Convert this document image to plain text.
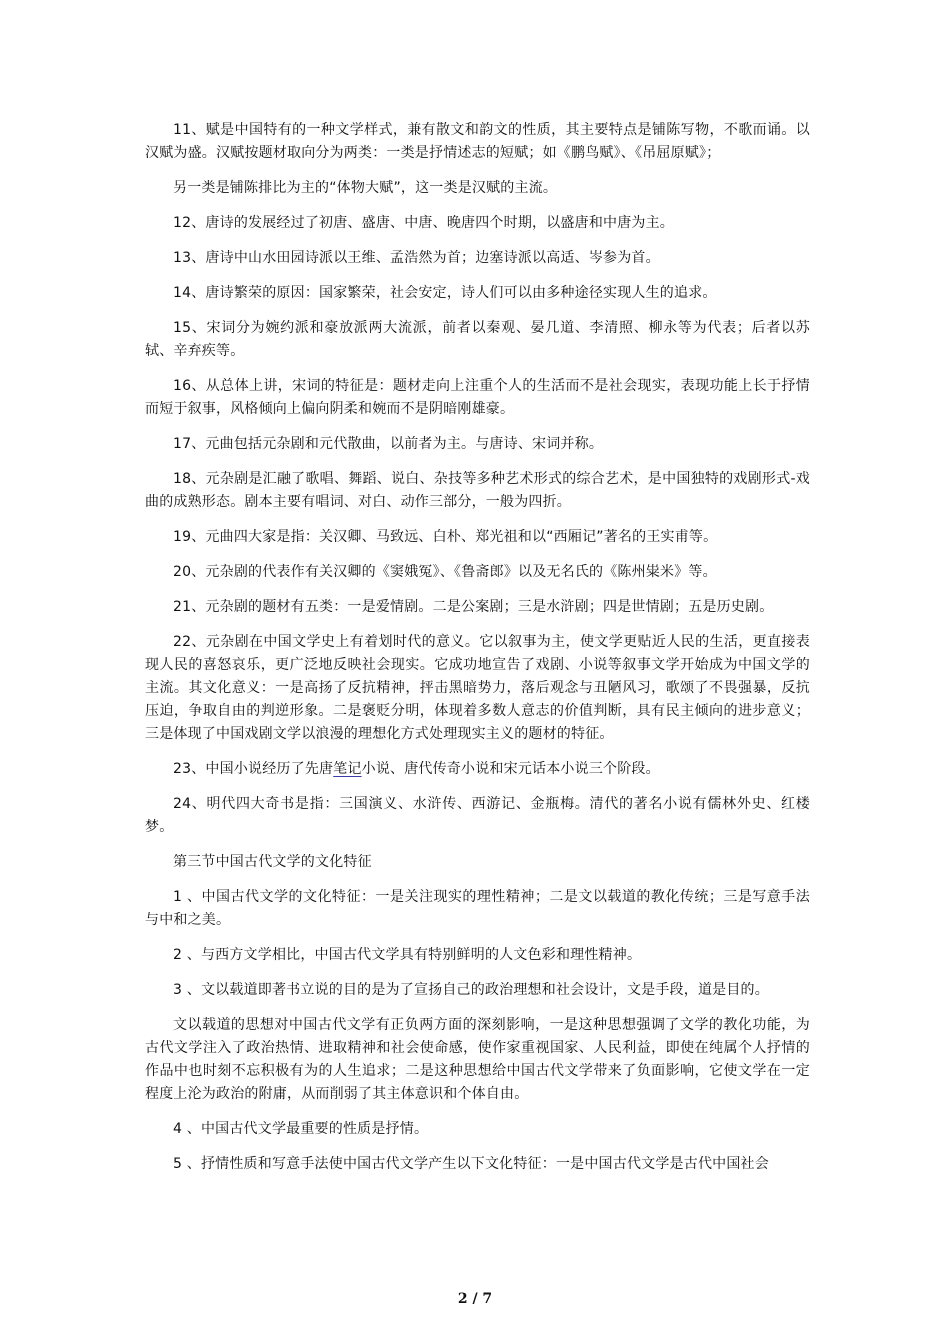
11、赋是中国特有的一种文学样式，兼有散文和韵文的性质，其主要特点是铺陈写物，不歌而诵。以汉赋为盛。汉赋按题材取向分为两类：一类是抒情述志的短赋；如《鹏鸟赋》、《吊屈原赋》；

另一类是铺陈排比为主的“体物大赋”，这一类是汉赋的主流。

12、唐诗的发展经过了初唐、盛唐、中唐、晚唐四个时期，以盛唐和中唐为主。

13、唐诗中山水田园诗派以王维、孟浩然为首；边塞诗派以高适、岑参为首。

14、唐诗繁荣的原因：国家繁荣，社会安定，诗人们可以由多种途径实现人生的追求。

15、宋词分为婉约派和豪放派两大流派，前者以秦观、晏几道、李清照、柳永等为代表；后者以苏轼、辛弃疾等。

16、从总体上讲，宋词的特征是：题材走向上注重个人的生活而不是社会现实，表现功能上长于抒情而短于叙事，风格倾向上偏向阴柔和婉而不是阴暗刚雄豪。

17、元曲包括元杂剧和元代散曲，以前者为主。与唐诗、宋词并称。

18、元杂剧是汇融了歌唱、舞蹈、说白、杂技等多种艺术形式的综合艺术，是中国独特的戏剧形式-戏曲的成熟形态。剧本主要有唱词、对白、动作三部分，一般为四折。

19、元曲四大家是指：关汉卿、马致远、白朴、郑光祖和以“西厢记”著名的王实甫等。

20、元杂剧的代表作有关汉卿的《窦娥冤》、《鲁斋郎》以及无名氏的《陈州粜米》等。

21、元杂剧的题材有五类：一是爱情剧。二是公案剧；三是水浒剧；四是世情剧；五是历史剧。

22、元杂剧在中国文学史上有着划时代的意义。它以叙事为主，使文学更贴近人民的生活，更直接表现人民的喜怒哀乐，更广泛地反映社会现实。它成功地宣告了戏剧、小说等叙事文学开始成为中国文学的主流。其文化意义：一是高扬了反抗精神，抨击黑暗势力，落后观念与丑陋风习，歌颂了不畏强暴，反抗压迫，争取自由的判逆形象。二是褒贬分明，体现着多数人意志的价值判断，具有民主倾向的进步意义；三是体现了中国戏剧文学以浪漫的理想化方式处理现实主义的题材的特征。

23、中国小说经历了先唐笔记小说、唐代传奇小说和宋元话本小说三个阶段。

24、明代四大奇书是指：三国演义、水浒传、西游记、金瓶梅。清代的著名小说有儒林外史、红楼梦。

第三节中国古代文学的文化特征

1 、中国古代文学的文化特征：一是关注现实的理性精神；二是文以载道的教化传统；三是写意手法与中和之美。

2 、与西方文学相比，中国古代文学具有特别鲜明的人文色彩和理性精神。

3 、文以载道即著书立说的目的是为了宣扬自己的政治理想和社会设计，文是手段，道是目的。

文以载道的思想对中国古代文学有正负两方面的深刻影响，一是这种思想强调了文学的教化功能，为古代文学注入了政治热情、进取精神和社会使命感，使作家重视国家、人民利益，即使在纯属个人抒情的作品中也时刻不忘积极有为的人生追求；二是这种思想给中国古代文学带来了负面影响，它使文学在一定程度上沦为政治的附庸，从而削弱了其主体意识和个体自由。

4 、中国古代文学最重要的性质是抒情。

5 、抒情性质和写意手法使中国古代文学产生以下文化特征：一是中国古代文学是古代中国社会

2 / 7
